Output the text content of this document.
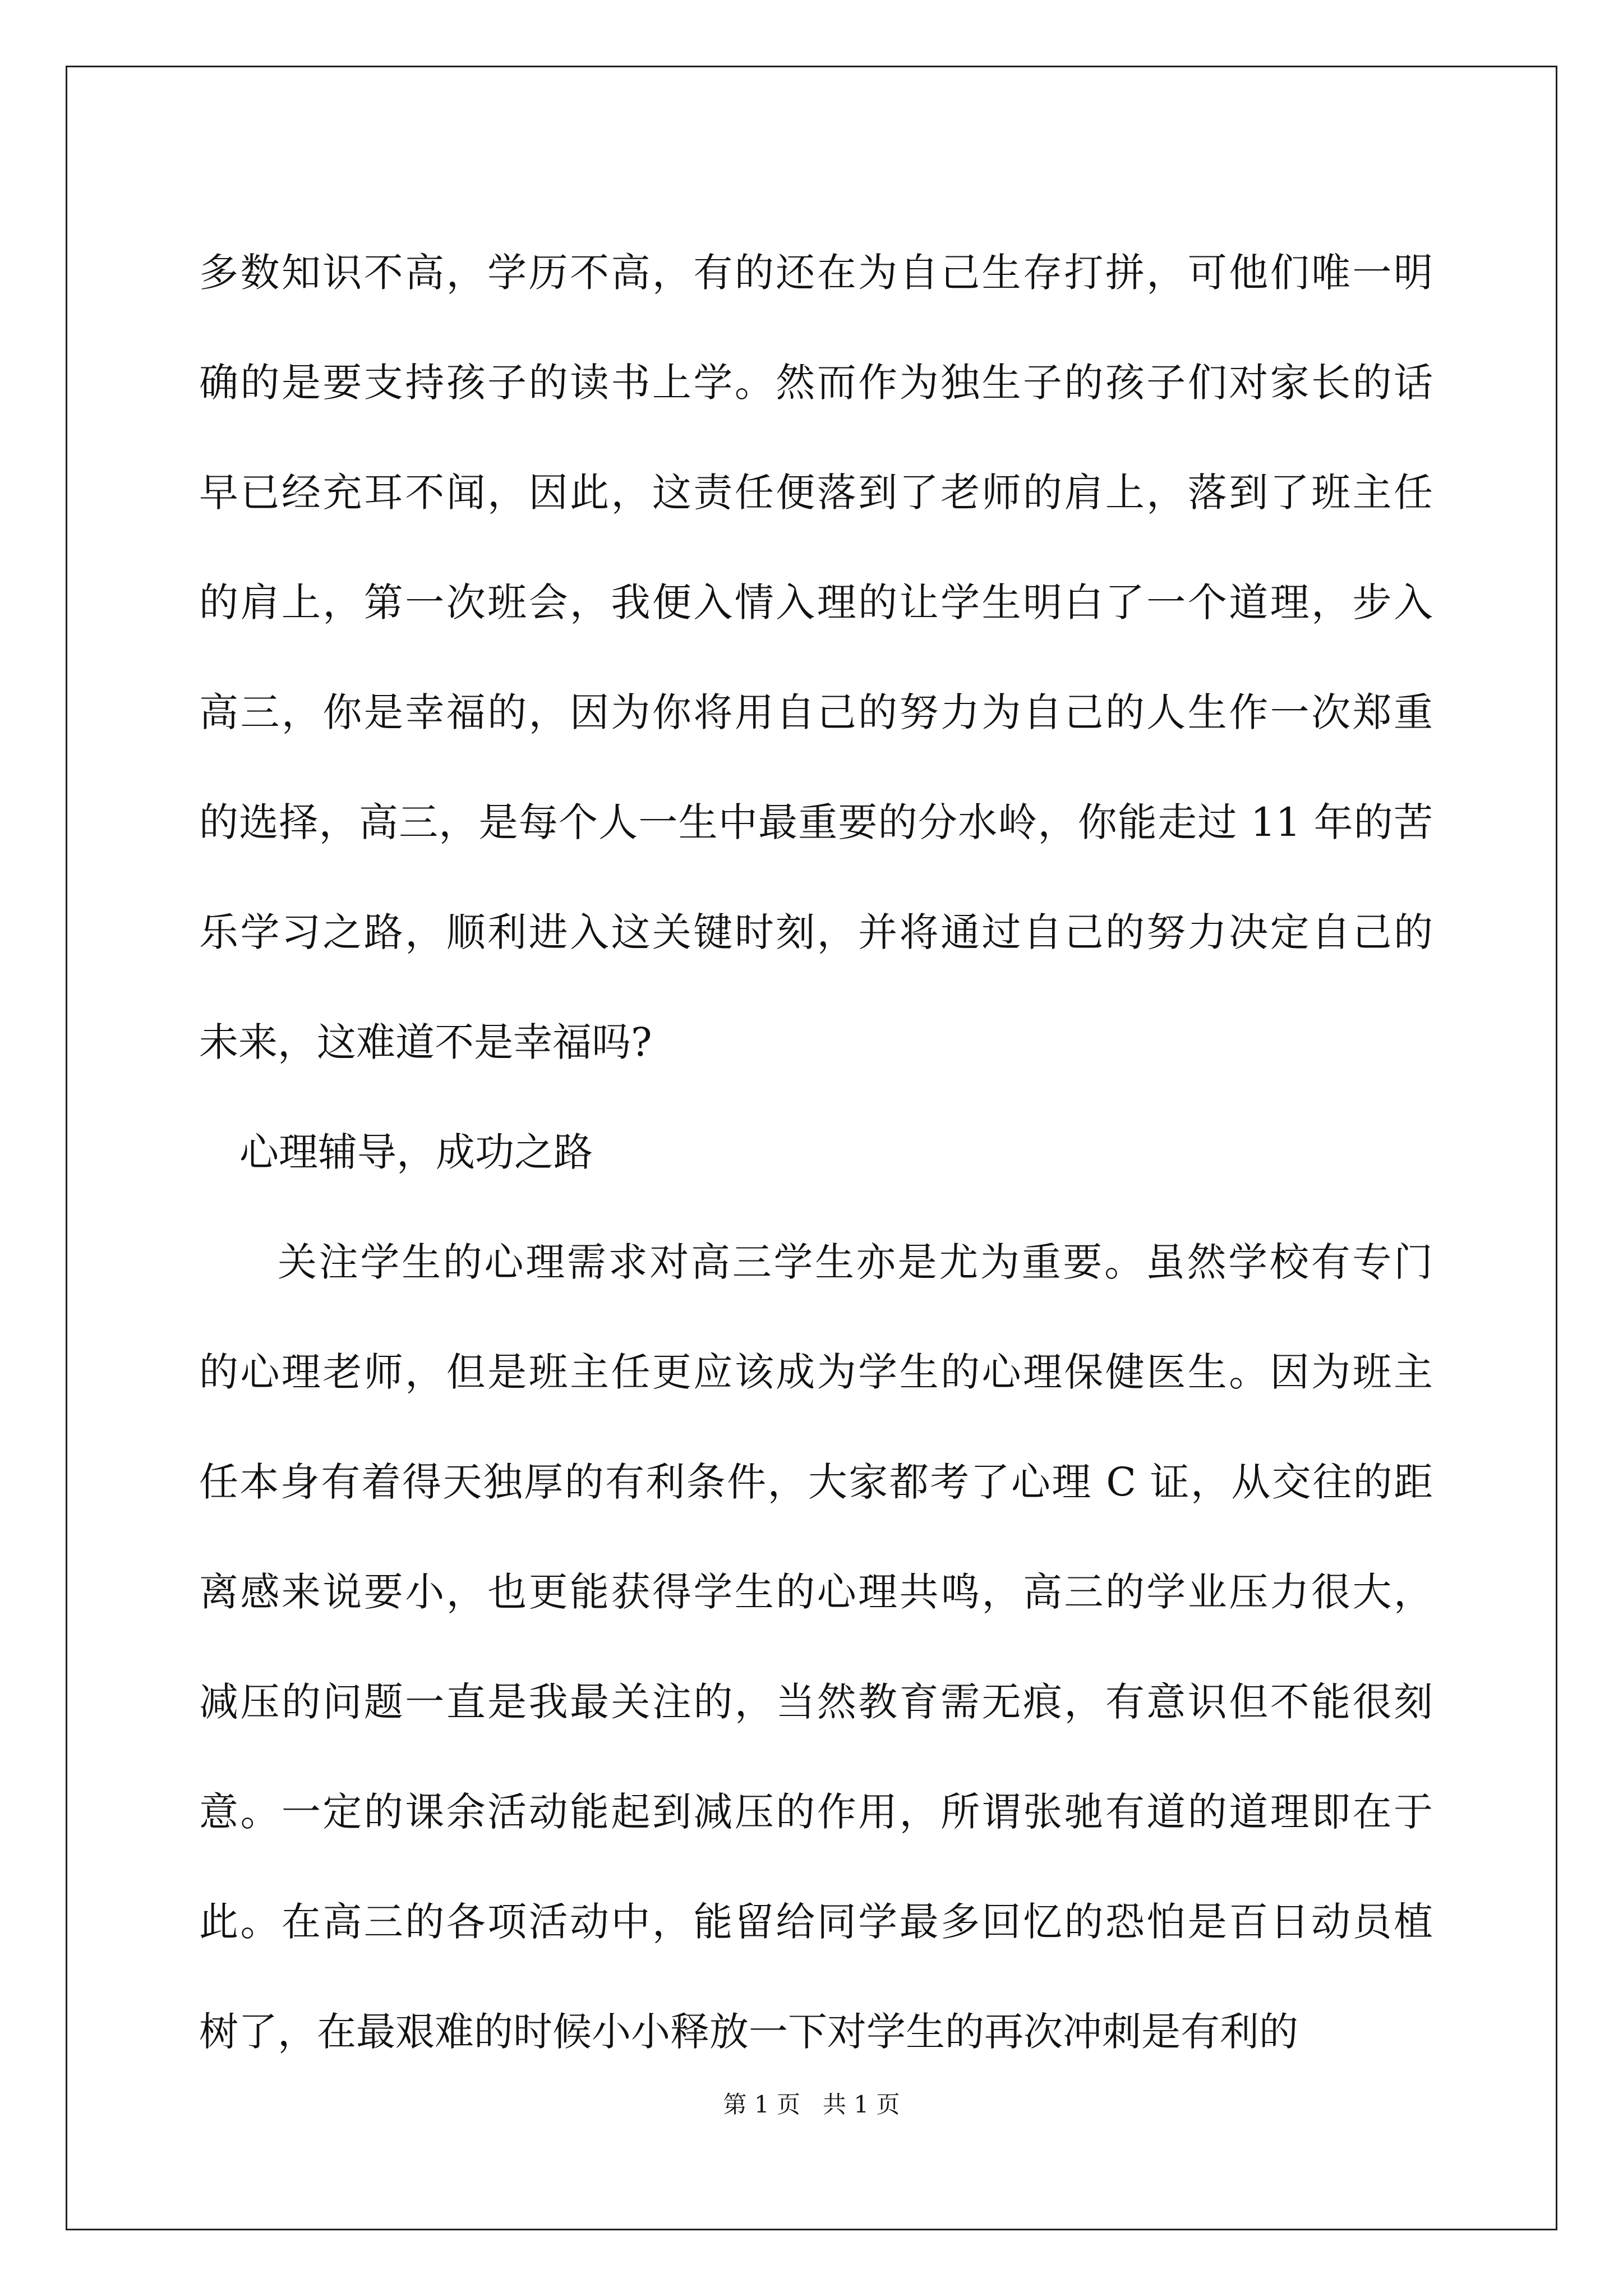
多数知识不高，学历不高，有的还在为自己生存打拼，可他们唯一明
确的是要支持孩子的读书上学。然而作为独生子的孩子们对家长的话
早已经充耳不闻，因此，这责任便落到了老师的肩上，落到了班主任
的肩上，第一次班会，我便入情入理的让学生明白了一个道理，步入
高三，你是幸福的，因为你将用自己的努力为自己的人生作一次郑重
的选择，高三，是每个人一生中最重要的分水岭，你能走过 11 年的苦
乐学习之路，顺利进入这关键时刻，并将通过自己的努力决定自己的
未来，这难道不是幸福吗?
心理辅导，成功之路
关注学生的心理需求对高三学生亦是尤为重要。虽然学校有专门
的心理老师，但是班主任更应该成为学生的心理保健医生。因为班主
任本身有着得天独厚的有利条件，大家都考了心理 C 证，从交往的距
离感来说要小，也更能获得学生的心理共鸣，高三的学业压力很大，
减压的问题一直是我最关注的，当然教育需无痕，有意识但不能很刻
意。一定的课余活动能起到减压的作用，所谓张驰有道的道理即在于
此。在高三的各项活动中，能留给同学最多回忆的恐怕是百日动员植
树了，在最艰难的时候小小释放一下对学生的再次冲刺是有利的
第 1 页   共 1 页
